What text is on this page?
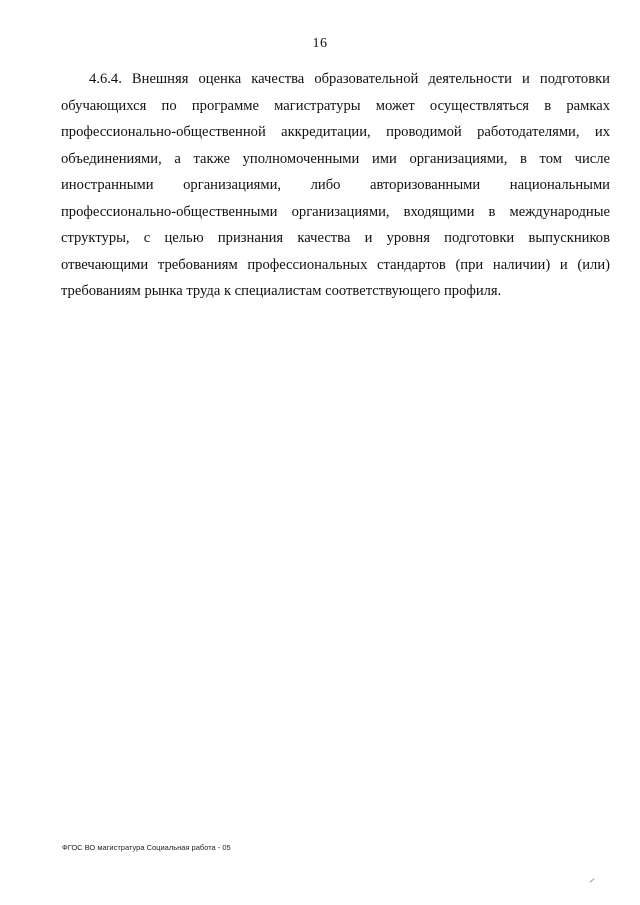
16
4.6.4. Внешняя оценка качества образовательной деятельности и подготовки
обучающихся по программе магистратуры может осуществляться в рамках
профессионально-общественной аккредитации, проводимой работодателями, их
объединениями, а также уполномоченными ими организациями, в том числе
иностранными организациями, либо авторизованными национальными
профессионально-общественными организациями, входящими в международные
структуры, с целью признания качества и уровня подготовки выпускников
отвечающими требованиям профессиональных стандартов (при наличии) и (или)
требованиям рынка труда к специалистам соответствующего профиля.
ФГОС ВО магистратура Социальная работа - 05
